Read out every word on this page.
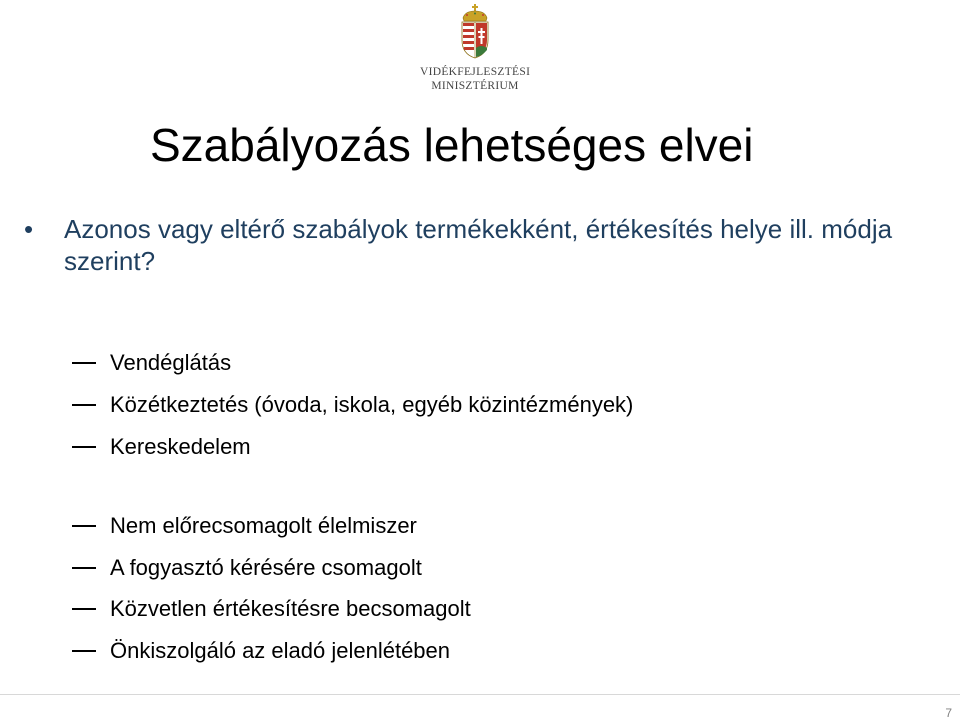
VIDÉKFEJLESZTÉSI
MINISZTÉRIUM
Szabályozás lehetséges elvei
•	Azonos vagy eltérő szabályok termékekként, értékesítés helye ill. módja szerint?
Vendéglátás
Közétkeztetés (óvoda, iskola, egyéb közintézmények)
Kereskedelem
Nem előrecsomagolt élelmiszer
A fogyasztó kérésére csomagolt
Közvetlen értékesítésre becsomagolt
Önkiszolgáló az eladó jelenlétében
7
